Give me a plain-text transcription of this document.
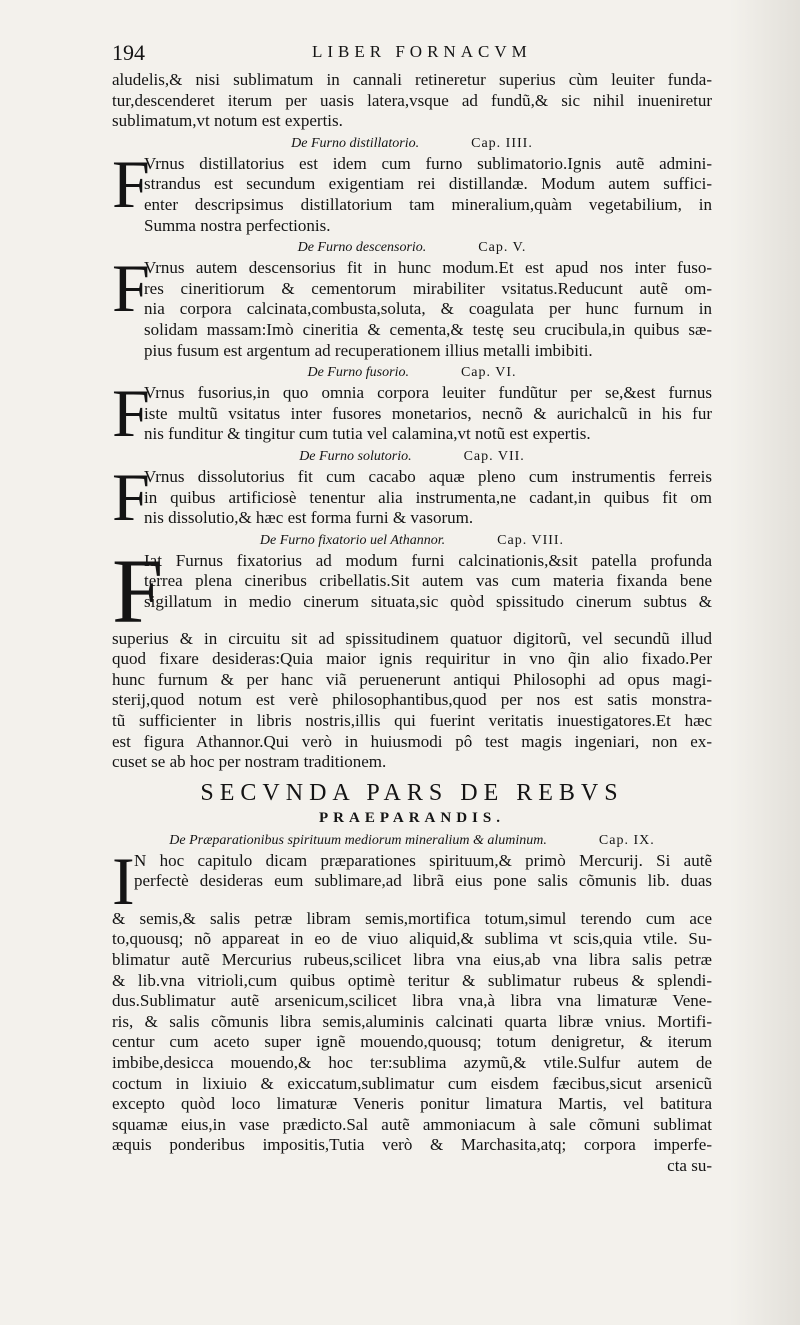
194	LIBER FORNACVM
aludelis,& nisi sublimatum in cannali retineretur superius cùm leuiter funda-
tur,descenderet iterum per uasis latera,vsque ad fundũ,& sic nihil inueniretur
sublimatum,vt notum est expertis.
De Furno distillatorio.	Cap. IIII.
F
Vrnus distillatorius est idem cum furno sublimatorio.Ignis autẽ admini-
strandus est secundum exigentiam rei distillandæ. Modum autem suffici-
enter descripsimus distillatorium tam mineralium,quàm vegetabilium, in
Summa nostra perfectionis.
De Furno descensorio.	Cap. V.
F
Vrnus autem descensorius fit in hunc modum.Et est apud nos inter fuso-
res cineritiorum & cementorum mirabiliter vsitatus.Reducunt autẽ om-
nia corpora calcinata,combusta,soluta, & coagulata per hunc furnum in
solidam massam:Imò cineritia & cementa,& testę seu crucibula,in quibus sæ-
pius fusum est argentum ad recuperationem illius metalli imbibiti.
De Furno fusorio.	Cap. VI.
F
Vrnus fusorius,in quo omnia corpora leuiter fundũtur per se,&est furnus
iste multũ vsitatus inter fusores monetarios, necnõ & aurichalcũ in his fur
nis funditur & tingitur cum tutia vel calamina,vt notũ est expertis.
De Furno solutorio.	Cap. VII.
F
Vrnus dissolutorius fit cum cacabo aquæ pleno cum instrumentis ferreis
in quibus artificiosè tenentur alia instrumenta,ne cadant,in quibus fit om
nis dissolutio,& hæc est forma furni & vasorum.
De Furno fixatorio uel Athannor.	Cap. VIII.
F
Iat Furnus fixatorius ad modum furni calcinationis,&sit patella profunda
terrea plena cineribus cribellatis.Sit autem vas cum materia fixanda bene
sigillatum in medio cinerum situata,sic quòd spissitudo cinerum subtus &
superius & in circuitu sit ad spissitudinem quatuor digitorũ, vel secundũ illud
quod fixare desideras:Quia maior ignis requiritur in vno q̃in alio fixado.Per
hunc furnum & per hanc viã peruenerunt antiqui Philosophi ad opus magi-
sterij,quod notum est verè philosophantibus,quod per nos est satis monstra-
tũ sufficienter in libris nostris,illis qui fuerint veritatis inuestigatores.Et hæc
est figura Athannor.Qui verò in huiusmodi pô test magis ingeniari, non ex-
cuset se ab hoc per nostram traditionem.
SECVNDA PARS DE REBVS
PRAEPARANDIS.
De Præparationibus spirituum mediorum mineralium & aluminum.	Cap. IX.
I N hoc capitulo dicam præparationes spirituum,& primò Mercurij. Si autẽ
perfectè desideras eum sublimare,ad librã eius pone salis cõmunis lib. duas
& semis,& salis petræ libram semis,mortifica totum,simul terendo cum ace
to,quousq; nõ appareat in eo de viuo aliquid,& sublima vt scis,quia vtile. Su-
blimatur autẽ Mercurius rubeus,scilicet libra vna eius,ab vna libra salis petræ
& lib.vna vitrioli,cum quibus optimè teritur & sublimatur rubeus & splendi-
dus.Sublimatur autẽ arsenicum,scilicet libra vna,à libra vna limaturæ Vene-
ris, & salis cõmunis libra semis,aluminis calcinati quarta libræ vnius. Mortifi-
centur cum aceto super ignẽ mouendo,quousq; totum denigretur, & iterum
imbibe,desicca mouendo,& hoc ter:sublima azymũ,& vtile.Sulfur autem de
coctum in lixiuio & exiccatum,sublimatur cum eisdem fæcibus,sicut arsenicũ
excepto quòd loco limaturæ Veneris ponitur limatura Martis, vel batitura
squamæ eius,in vase prædicto.Sal autẽ ammoniacum à sale cõmuni sublimat
æquis ponderibus impositis,Tutia verò & Marchasita,atq; corpora imperfe-
cta su-
